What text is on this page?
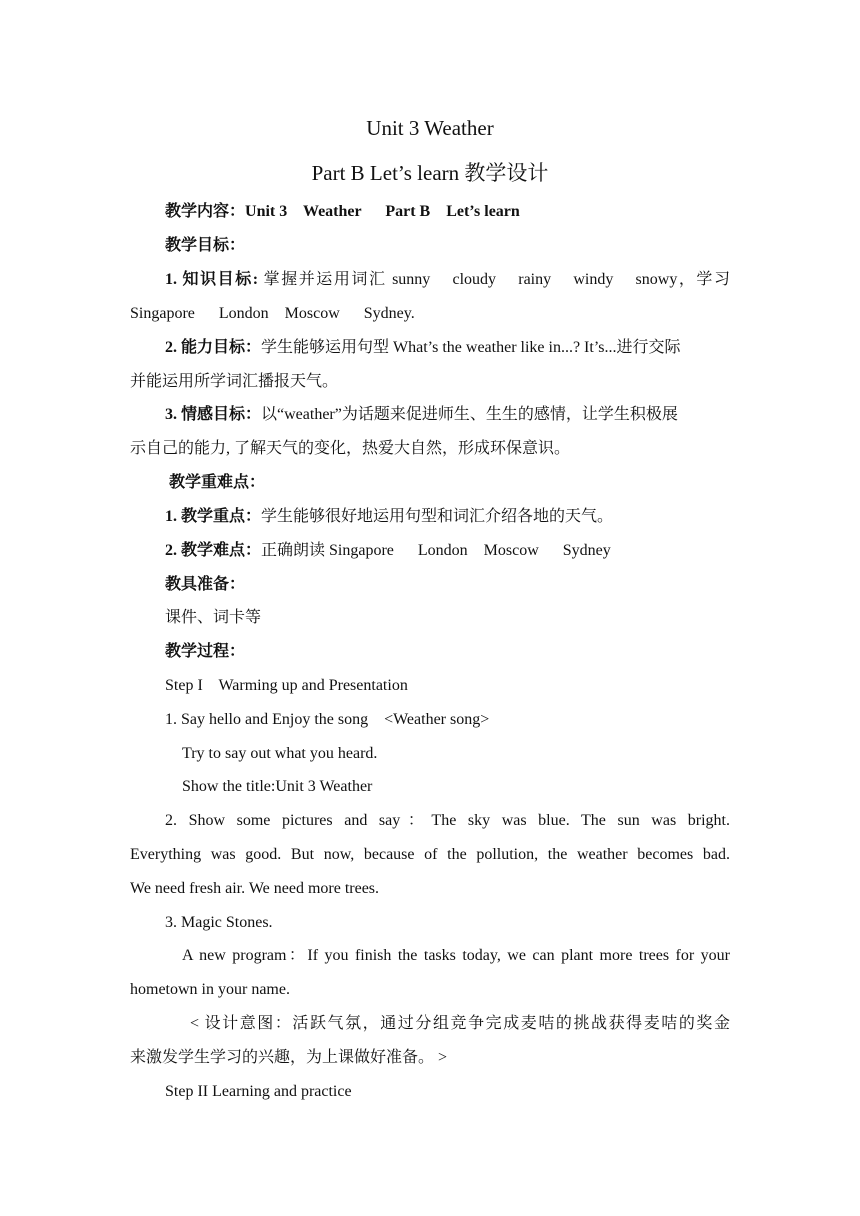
Unit 3 Weather
Part B Let’s learn 教学设计
教学内容：Unit 3    Weather      Part B    Let’s learn
教学目标：
1. 知识目标: 掌握并运用词汇 sunny    cloudy    rainy    windy    snowy，学习
Singapore      London    Moscow      Sydney.
2. 能力目标：学生能够运用句型 What’s the weather like in...? It’s...进行交际
并能运用所学词汇播报天气。
3. 情感目标：以“weather”为话题来促进师生、生生的感情，让学生积极展
示自己的能力, 了解天气的变化，热爱大自然，形成环保意识。
教学重难点：
1. 教学重点：学生能够很好地运用句型和词汇介绍各地的天气。
2. 教学难点：正确朗读 Singapore      London    Moscow      Sydney
教具准备：
课件、词卡等
教学过程：
Step I    Warming up and Presentation
1. Say hello and Enjoy the song    <Weather song>
Try to say out what you heard.
Show the title:Unit 3 Weather
2. Show some pictures and say：The sky was blue. The sun was bright.
Everything was good. But now, because of the pollution, the weather becomes bad.
We need fresh air. We need more trees.
3. Magic Stones.
A new program：If you finish the tasks today, we can plant more trees for your
hometown in your name.
< 设计意图：活跃气氛，通过分组竞争完成麦咭的挑战获得麦咭的奖金
来激发学生学习的兴趣，为上课做好准备。 >
Step II Learning and practice
